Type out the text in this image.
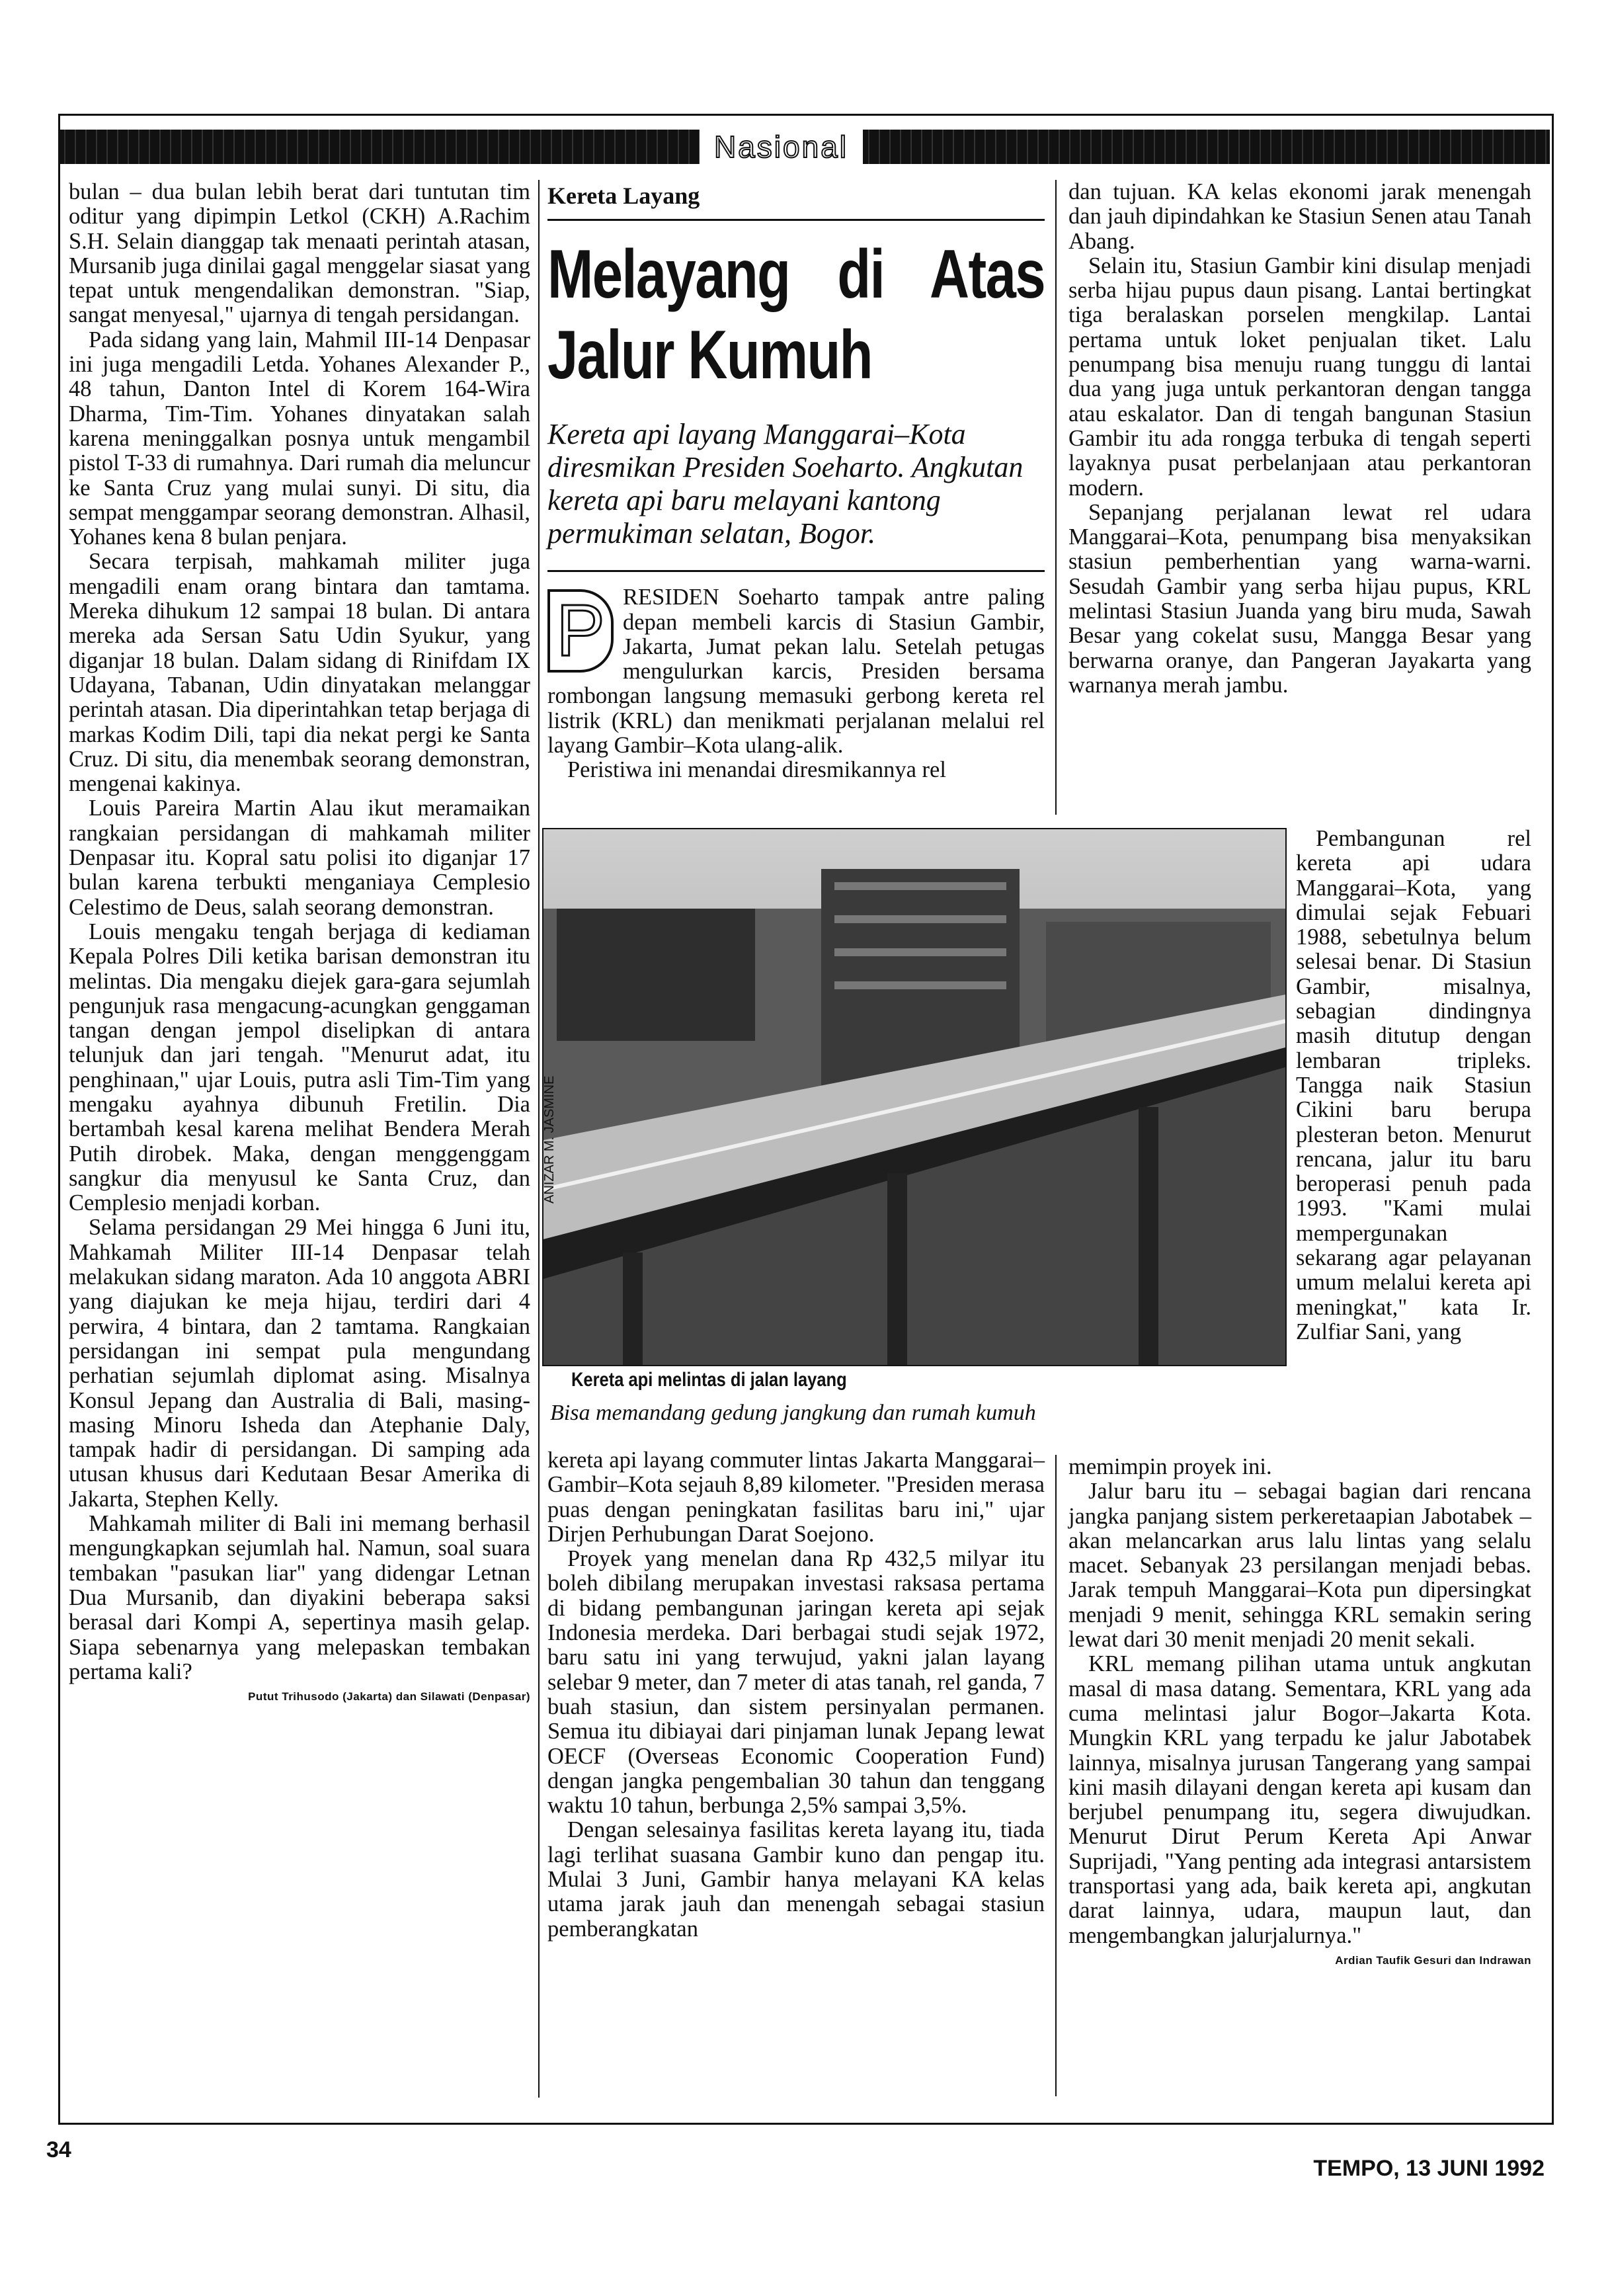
Nasional

bulan – dua bulan lebih berat dari tuntutan tim oditur yang dipimpin Letkol (CKH) A.Rachim S.H. Selain dianggap tak menaati perintah atasan, Mursanib juga dinilai gagal menggelar siasat yang tepat untuk mengendalikan demonstran. "Siap, sangat menyesal," ujarnya di tengah persidangan.

Pada sidang yang lain, Mahmil III-14 Denpasar ini juga mengadili Letda. Yohanes Alexander P., 48 tahun, Danton Intel di Korem 164-Wira Dharma, Tim-Tim. Yohanes dinyatakan salah karena meninggalkan posnya untuk mengambil pistol T-33 di rumahnya. Dari rumah dia meluncur ke Santa Cruz yang mulai sunyi. Di situ, dia sempat menggampar seorang demonstran. Alhasil, Yohanes kena 8 bulan penjara.

Secara terpisah, mahkamah militer juga mengadili enam orang bintara dan tamtama. Mereka dihukum 12 sampai 18 bulan. Di antara mereka ada Sersan Satu Udin Syukur, yang diganjar 18 bulan. Dalam sidang di Rinifdam IX Udayana, Tabanan, Udin dinyatakan melanggar perintah atasan. Dia diperintahkan tetap berjaga di markas Kodim Dili, tapi dia nekat pergi ke Santa Cruz. Di situ, dia menembak seorang demonstran, mengenai kakinya.

Louis Pareira Martin Alau ikut meramaikan rangkaian persidangan di mahkamah militer Denpasar itu. Kopral satu polisi ito diganjar 17 bulan karena terbukti menganiaya Cemplesio Celestimo de Deus, salah seorang demonstran.

Louis mengaku tengah berjaga di kediaman Kepala Polres Dili ketika barisan demonstran itu melintas. Dia mengaku diejek gara-gara sejumlah pengunjuk rasa mengacung-acungkan genggaman tangan dengan jempol diselipkan di antara telunjuk dan jari tengah. "Menurut adat, itu penghinaan," ujar Louis, putra asli Tim-Tim yang mengaku ayahnya dibunuh Fretilin. Dia bertambah kesal karena melihat Bendera Merah Putih dirobek. Maka, dengan menggenggam sangkur dia menyusul ke Santa Cruz, dan Cemplesio menjadi korban.

Selama persidangan 29 Mei hingga 6 Juni itu, Mahkamah Militer III-14 Denpasar telah melakukan sidang maraton. Ada 10 anggota ABRI yang diajukan ke meja hijau, terdiri dari 4 perwira, 4 bintara, dan 2 tamtama. Rangkaian persidangan ini sempat pula mengundang perhatian sejumlah diplomat asing. Misalnya Konsul Jepang dan Australia di Bali, masing-masing Minoru Isheda dan Atephanie Daly, tampak hadir di persidangan. Di samping ada utusan khusus dari Kedutaan Besar Amerika di Jakarta, Stephen Kelly.

Mahkamah militer di Bali ini memang berhasil mengungkapkan sejumlah hal. Namun, soal suara tembakan "pasukan liar" yang didengar Letnan Dua Mursanib, dan diyakini beberapa saksi berasal dari Kompi A, sepertinya masih gelap. Siapa sebenarnya yang melepaskan tembakan pertama kali?

Putut Trihusodo (Jakarta) dan Silawati (Denpasar)

Kereta Layang
Melayang di Atas Jalur Kumuh
Kereta api layang Manggarai–Kota diresmikan Presiden Soeharto. Angkutan kereta api baru melayani kantong permukiman selatan, Bogor.
P RESIDEN Soeharto tampak antre paling depan membeli karcis di Stasiun Gambir, Jakarta, Jumat pekan lalu. Setelah petugas mengulurkan karcis, Presiden bersama rombongan langsung memasuki gerbong kereta rel listrik (KRL) dan menikmati perjalanan melalui rel layang Gambir–Kota ulang-alik.

Peristiwa ini menandai diresmikannya rel

ANIZAR M. JASMINE
Kereta api melintas di jalan layang
Bisa memandang gedung jangkung dan rumah kumuh

kereta api layang commuter lintas Jakarta Manggarai–Gambir–Kota sejauh 8,89 kilometer. "Presiden merasa puas dengan peningkatan fasilitas baru ini," ujar Dirjen Perhubungan Darat Soejono.

Proyek yang menelan dana Rp 432,5 milyar itu boleh dibilang merupakan investasi raksasa pertama di bidang pembangunan jaringan kereta api sejak Indonesia merdeka. Dari berbagai studi sejak 1972, baru satu ini yang terwujud, yakni jalan layang selebar 9 meter, dan 7 meter di atas tanah, rel ganda, 7 buah stasiun, dan sistem persinyalan permanen. Semua itu dibiayai dari pinjaman lunak Jepang lewat OECF (Overseas Economic Cooperation Fund) dengan jangka pengembalian 30 tahun dan tenggang waktu 10 tahun, berbunga 2,5% sampai 3,5%.

Dengan selesainya fasilitas kereta layang itu, tiada lagi terlihat suasana Gambir kuno dan pengap itu. Mulai 3 Juni, Gambir hanya melayani KA kelas utama jarak jauh dan menengah sebagai stasiun pemberangkatan

dan tujuan. KA kelas ekonomi jarak menengah dan jauh dipindahkan ke Stasiun Senen atau Tanah Abang.

Selain itu, Stasiun Gambir kini disulap menjadi serba hijau pupus daun pisang. Lantai bertingkat tiga beralaskan porselen mengkilap. Lantai pertama untuk loket penjualan tiket. Lalu penumpang bisa menuju ruang tunggu di lantai dua yang juga untuk perkantoran dengan tangga atau eskalator. Dan di tengah bangunan Stasiun Gambir itu ada rongga terbuka di tengah seperti layaknya pusat perbelanjaan atau perkantoran modern.

Sepanjang perjalanan lewat rel udara Manggarai–Kota, penumpang bisa menyaksikan stasiun pemberhentian yang warna-warni. Sesudah Gambir yang serba hijau pupus, KRL melintasi Stasiun Juanda yang biru muda, Sawah Besar yang cokelat susu, Mangga Besar yang berwarna oranye, dan Pangeran Jayakarta yang warnanya merah jambu.

Pembangunan rel kereta api udara Manggarai–Kota, yang dimulai sejak Febuari 1988, sebetulnya belum selesai benar. Di Stasiun Gambir, misalnya, sebagian dindingnya masih ditutup dengan lembaran tripleks. Tangga naik Stasiun Cikini baru berupa plesteran beton. Menurut rencana, jalur itu baru beroperasi penuh pada 1993. "Kami mulai mempergunakan sekarang agar pelayanan umum melalui kereta api meningkat," kata Ir. Zulfiar Sani, yang

memimpin proyek ini.

Jalur baru itu – sebagai bagian dari rencana jangka panjang sistem perkeretaapian Jabotabek – akan melancarkan arus lalu lintas yang selalu macet. Sebanyak 23 persilangan menjadi bebas. Jarak tempuh Manggarai–Kota pun dipersingkat menjadi 9 menit, sehingga KRL semakin sering lewat dari 30 menit menjadi 20 menit sekali.

KRL memang pilihan utama untuk angkutan masal di masa datang. Sementara, KRL yang ada cuma melintasi jalur Bogor–Jakarta Kota. Mungkin KRL yang terpadu ke jalur Jabotabek lainnya, misalnya jurusan Tangerang yang sampai kini masih dilayani dengan kereta api kusam dan berjubel penumpang itu, segera diwujudkan. Menurut Dirut Perum Kereta Api Anwar Suprijadi, "Yang penting ada integrasi antarsistem transportasi yang ada, baik kereta api, angkutan darat lainnya, udara, maupun laut, dan mengembangkan jalurjalurnya."

Ardian Taufik Gesuri dan Indrawan

34
TEMPO, 13 JUNI 1992
